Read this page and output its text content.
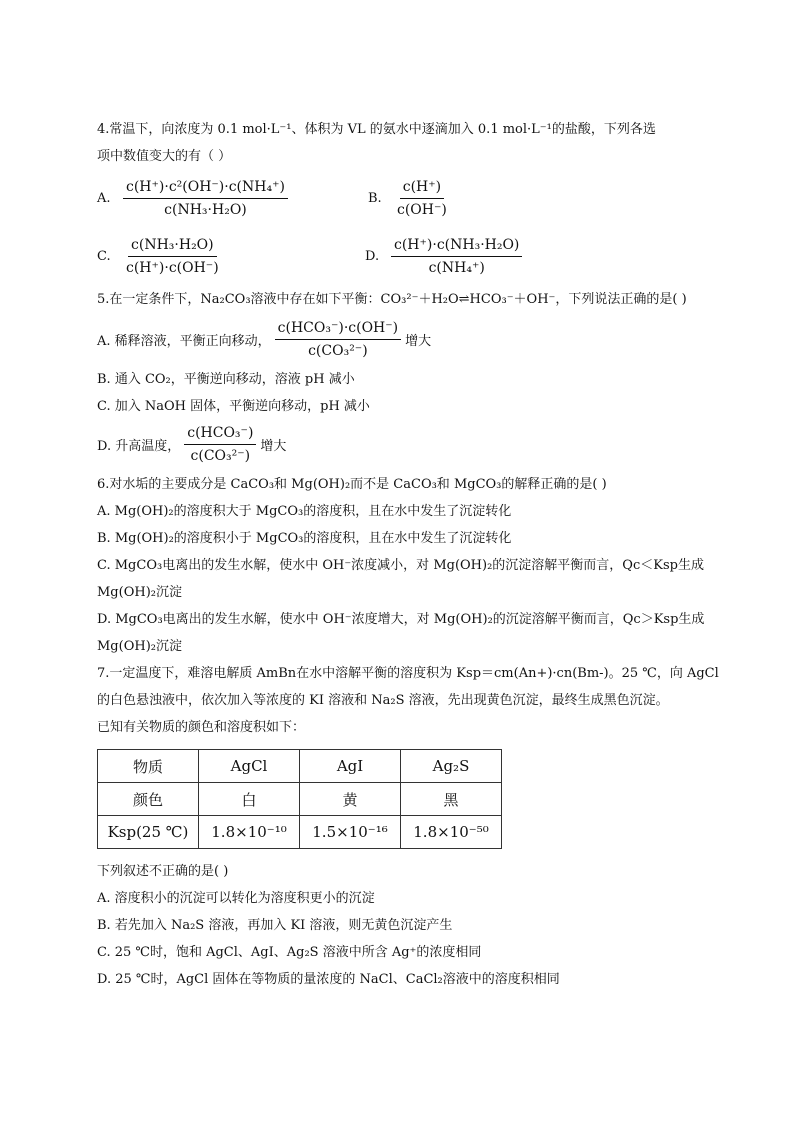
4.常温下，向浓度为 0.1 mol·L⁻¹、体积为 VL 的氨水中逐滴加入 0.1 mol·L⁻¹的盐酸，下列各选
项中数值变大的有（ ）
A. $\frac{\text{c(H⁺)·c²(OH⁻)·c(NH₄⁺)}}{\text{c(NH₃·H₂O)}}$	B. $\frac{c(H^+)}{c(OH^-)}$
C. $\frac{\text{c(NH₃·H₂O)}}{c(H^+)\cdot c(OH^-)}$	D. $\frac{\text{c(H⁺)·c(NH₃·H₂O)}}{\text{c(NH₄⁺)}}$
5.在一定条件下，Na₂CO₃溶液中存在如下平衡：CO₃²⁻＋H₂O⇌HCO₃⁻＋OH⁻，下列说法正确的是( )
A. 稀释溶液，平衡正向移动， $\frac{\text{c(HCO₃⁻)·c(OH⁻)}}{\text{c(CO₃²⁻)}}$ 增大
B. 通入 CO₂，平衡逆向移动，溶液 pH 减小
C. 加入 NaOH 固体，平衡逆向移动，pH 减小
D. 升高温度， $\frac{\text{c(HCO₃⁻)}}{\text{c(CO₃²⁻)}}$ 增大
6.对水垢的主要成分是 CaCO₃和 Mg(OH)₂而不是 CaCO₃和 MgCO₃的解释正确的是( )
A. Mg(OH)₂的溶度积大于 MgCO₃的溶度积，且在水中发生了沉淀转化
B. Mg(OH)₂的溶度积小于 MgCO₃的溶度积，且在水中发生了沉淀转化
C. MgCO₃电离出的发生水解，使水中 OH⁻浓度减小，对 Mg(OH)₂的沉淀溶解平衡而言，Qc＜Ksp生成
Mg(OH)₂沉淀
D. MgCO₃电离出的发生水解，使水中 OH⁻浓度增大，对 Mg(OH)₂的沉淀溶解平衡而言，Qc＞Ksp生成
Mg(OH)₂沉淀
7.一定温度下，难溶电解质 AmBn在水中溶解平衡的溶度积为 Ksp＝cm(An+)·cn(Bm-)。25 ℃，向 AgCl
的白色悬浊液中，依次加入等浓度的 KI 溶液和 Na₂S 溶液，先出现黄色沉淀，最终生成黑色沉淀。
已知有关物质的颜色和溶度积如下：
物质	AgCl	AgI	Ag₂S
颜色	白	黄	黑
Ksp(25 ℃)	1.8×10⁻¹⁰	1.5×10⁻¹⁶	1.8×10⁻⁵⁰
下列叙述不正确的是( )
A. 溶度积小的沉淀可以转化为溶度积更小的沉淀
B. 若先加入 Na₂S 溶液，再加入 KI 溶液，则无黄色沉淀产生
C. 25 ℃时，饱和 AgCl、AgI、Ag₂S 溶液中所含 Ag⁺的浓度相同
D. 25 ℃时，AgCl 固体在等物质的量浓度的 NaCl、CaCl₂溶液中的溶度积相同
